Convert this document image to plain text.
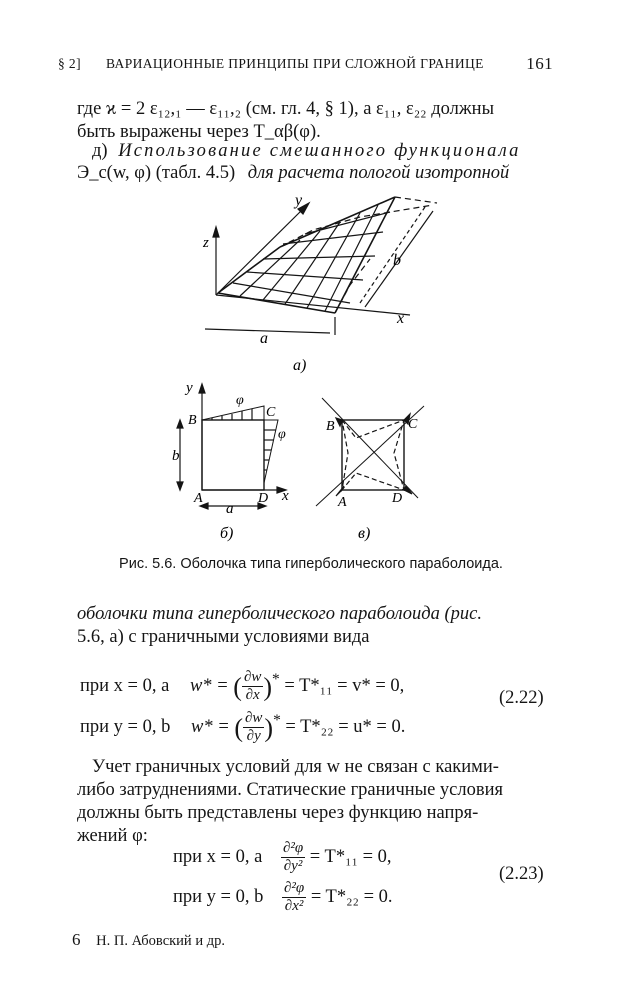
§ 2] ВАРИАЦИОННЫЕ ПРИНЦИПЫ ПРИ СЛОЖНОЙ ГРАНИЦЕ	161
где ϰ = 2 ε₁₂,₁ — ε₁₁,₂ (см. гл. 4, § 1), а ε₁₁, ε₂₂ должны
быть выражены через T_αβ(φ).
д) Использование смешанного функционала
Э_c(w, φ) (табл. 4.5) для расчета пологой изотропной
z
y
x
a
b
а)
y
B
C
A	D x
b
a
φ
φ
б)
B	C
A	D
в)
Рис. 5.6. Оболочка типа гиперболического параболоида.
оболочки типа гиперболического параболоида (рис.
5.6, а) с граничными условиями вида
при x = 0, a w* = ( $\frac{\partial w}{\partial x} )^* = T*_{11} = v* = 0$,
(2.22)
при y = 0, b w* = ( $\frac{\partial w}{\partial y} )^* = T*_{22} = u* = 0$.
Учет граничных условий для w не связан с какими-
либо затруднениями. Статические граничные условия
должны быть представлены через функцию напря-
жений φ:
при x = 0, a $\frac{\text{∂²φ}}{\text{∂y²}} = T*_{11} = 0$,
(2.23)
при y = 0, b $\frac{\text{∂²φ}}{\text{∂x²}} = T*_{22} = 0$.
6 Н. П. Абовский и др.
